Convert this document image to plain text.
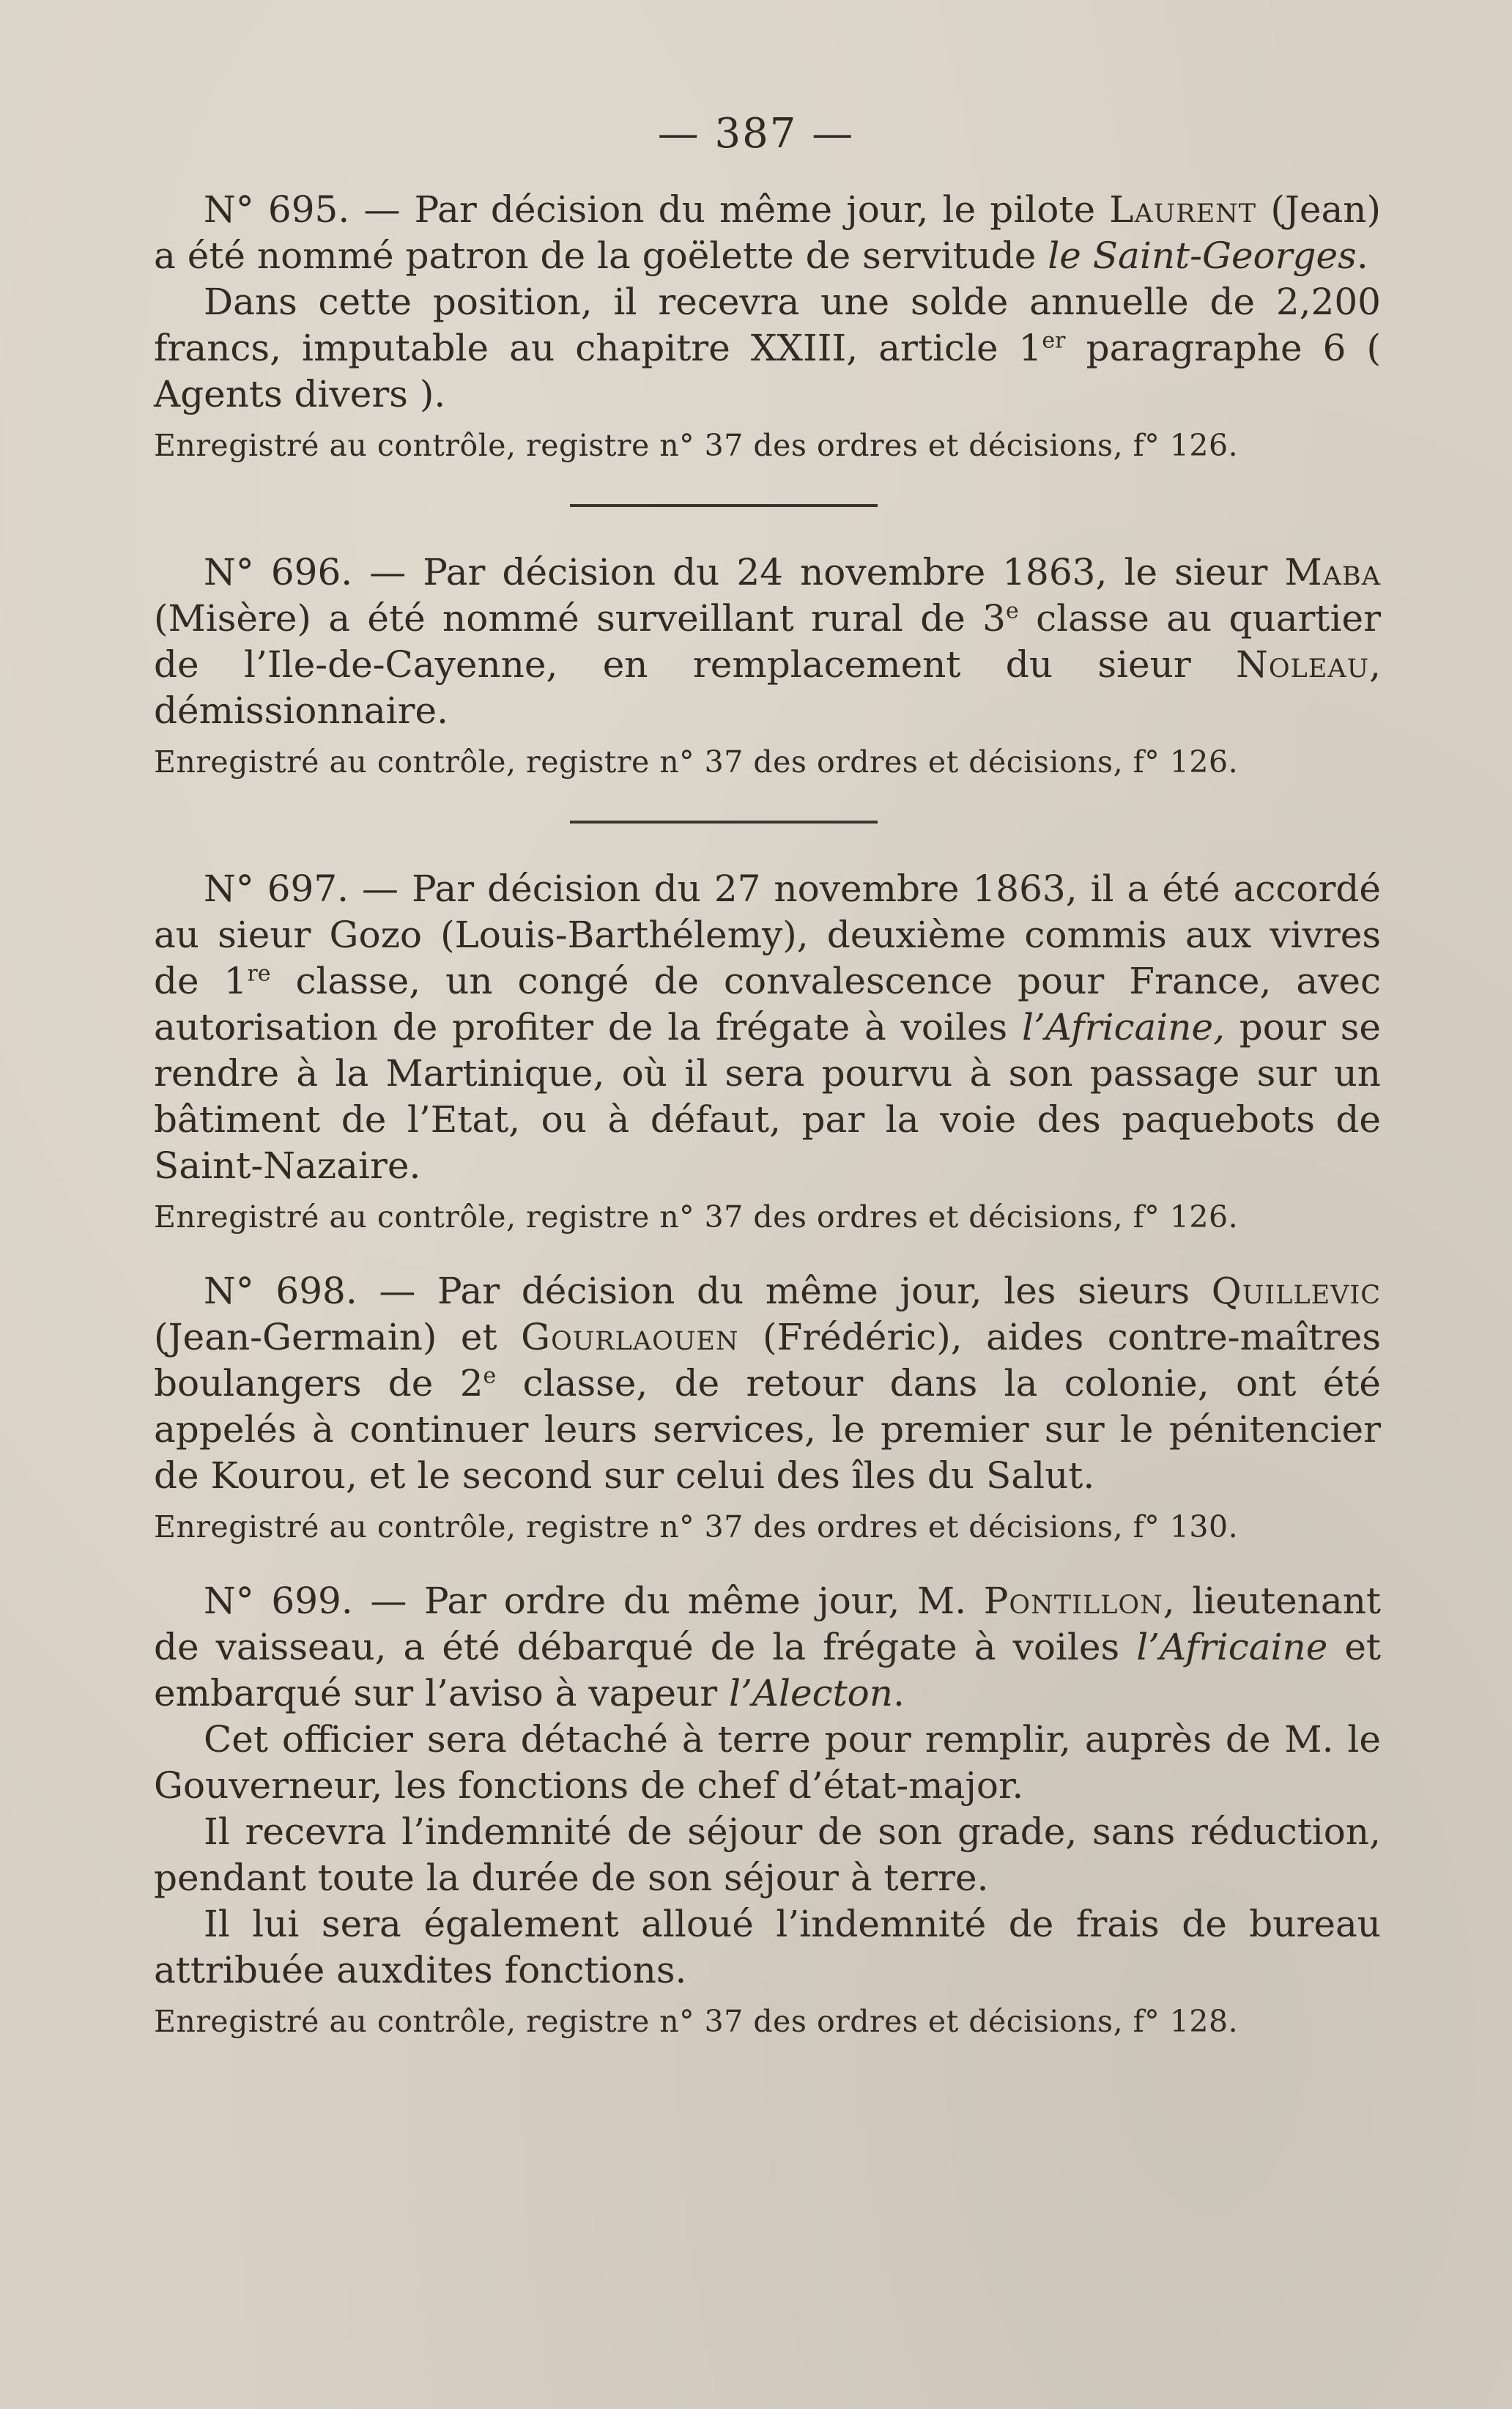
— 387 —

N° 695. — Par décision du même jour, le pilote Laurent (Jean) a été nommé patron de la goëlette de servitude le Saint-Georges.

Dans cette position, il recevra une solde annuelle de 2,200 francs, imputable au chapitre XXIII, article 1er paragraphe 6 ( Agents divers ).

Enregistré au contrôle, registre n° 37 des ordres et décisions, f° 126.

N° 696. — Par décision du 24 novembre 1863, le sieur Maba (Misère) a été nommé surveillant rural de 3e classe au quartier de l’Ile-de-Cayenne, en remplacement du sieur Noleau, démissionnaire.

Enregistré au contrôle, registre n° 37 des ordres et décisions, f° 126.

N° 697. — Par décision du 27 novembre 1863, il a été accordé au sieur Gozo (Louis-Barthélemy), deuxième commis aux vivres de 1re classe, un congé de convalescence pour France, avec autorisation de profiter de la frégate à voiles l’Africaine, pour se rendre à la Martinique, où il sera pourvu à son passage sur un bâtiment de l’Etat, ou à défaut, par la voie des paquebots de Saint-Nazaire.

Enregistré au contrôle, registre n° 37 des ordres et décisions, f° 126.

N° 698. — Par décision du même jour, les sieurs Quillevic (Jean-Germain) et Gourlaouen (Frédéric), aides contre-maîtres boulangers de 2e classe, de retour dans la colonie, ont été appelés à continuer leurs services, le premier sur le pénitencier de Kourou, et le second sur celui des îles du Salut.

Enregistré au contrôle, registre n° 37 des ordres et décisions, f° 130.

N° 699. — Par ordre du même jour, M. Pontillon, lieutenant de vaisseau, a été débarqué de la frégate à voiles l’Africaine et embarqué sur l’aviso à vapeur l’Alecton.

Cet officier sera détaché à terre pour remplir, auprès de M. le Gouverneur, les fonctions de chef d’état-major.

Il recevra l’indemnité de séjour de son grade, sans réduction, pendant toute la durée de son séjour à terre.

Il lui sera également alloué l’indemnité de frais de bureau attribuée auxdites fonctions.

Enregistré au contrôle, registre n° 37 des ordres et décisions, f° 128.
